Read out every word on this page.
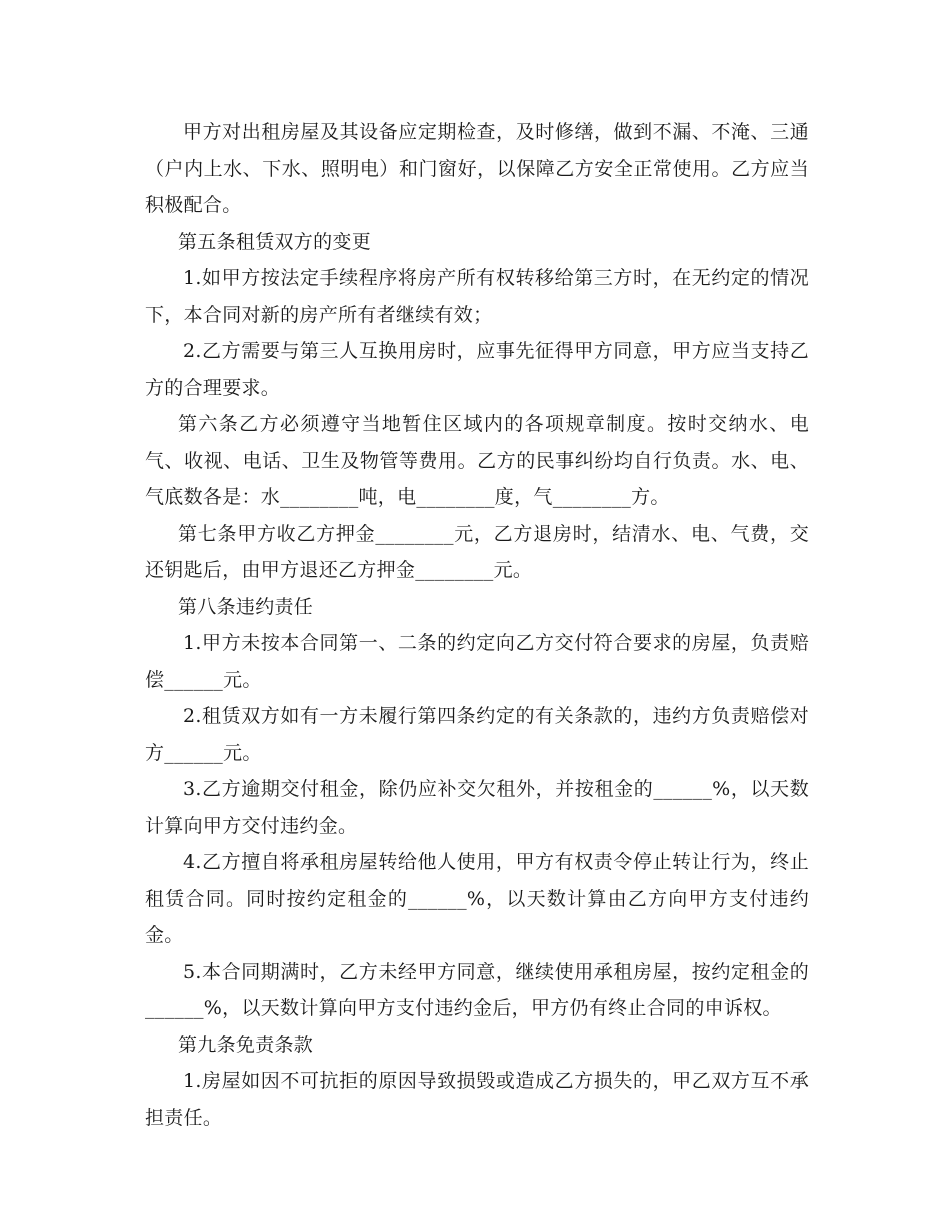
甲方对出租房屋及其设备应定期检查，及时修缮，做到不漏、不淹、三通（户内上水、下水、照明电）和门窗好，以保障乙方安全正常使用。乙方应当积极配合。

第五条租赁双方的变更

1.如甲方按法定手续程序将房产所有权转移给第三方时，在无约定的情况下，本合同对新的房产所有者继续有效；

2.乙方需要与第三人互换用房时，应事先征得甲方同意，甲方应当支持乙方的合理要求。

第六条乙方必须遵守当地暂住区域内的各项规章制度。按时交纳水、电气、收视、电话、卫生及物管等费用。乙方的民事纠纷均自行负责。水、电、气底数各是：水________吨，电________度，气________方。

第七条甲方收乙方押金________元，乙方退房时，结清水、电、气费，交还钥匙后，由甲方退还乙方押金________元。

第八条违约责任

1.甲方未按本合同第一、二条的约定向乙方交付符合要求的房屋，负责赔偿______元。

2.租赁双方如有一方未履行第四条约定的有关条款的，违约方负责赔偿对方______元。

3.乙方逾期交付租金，除仍应补交欠租外，并按租金的______%，以天数计算向甲方交付违约金。

4.乙方擅自将承租房屋转给他人使用，甲方有权责令停止转让行为，终止租赁合同。同时按约定租金的______%，以天数计算由乙方向甲方支付违约金。

5.本合同期满时，乙方未经甲方同意，继续使用承租房屋，按约定租金的______%，以天数计算向甲方支付违约金后，甲方仍有终止合同的申诉权。

第九条免责条款

1.房屋如因不可抗拒的原因导致损毁或造成乙方损失的，甲乙双方互不承担责任。
